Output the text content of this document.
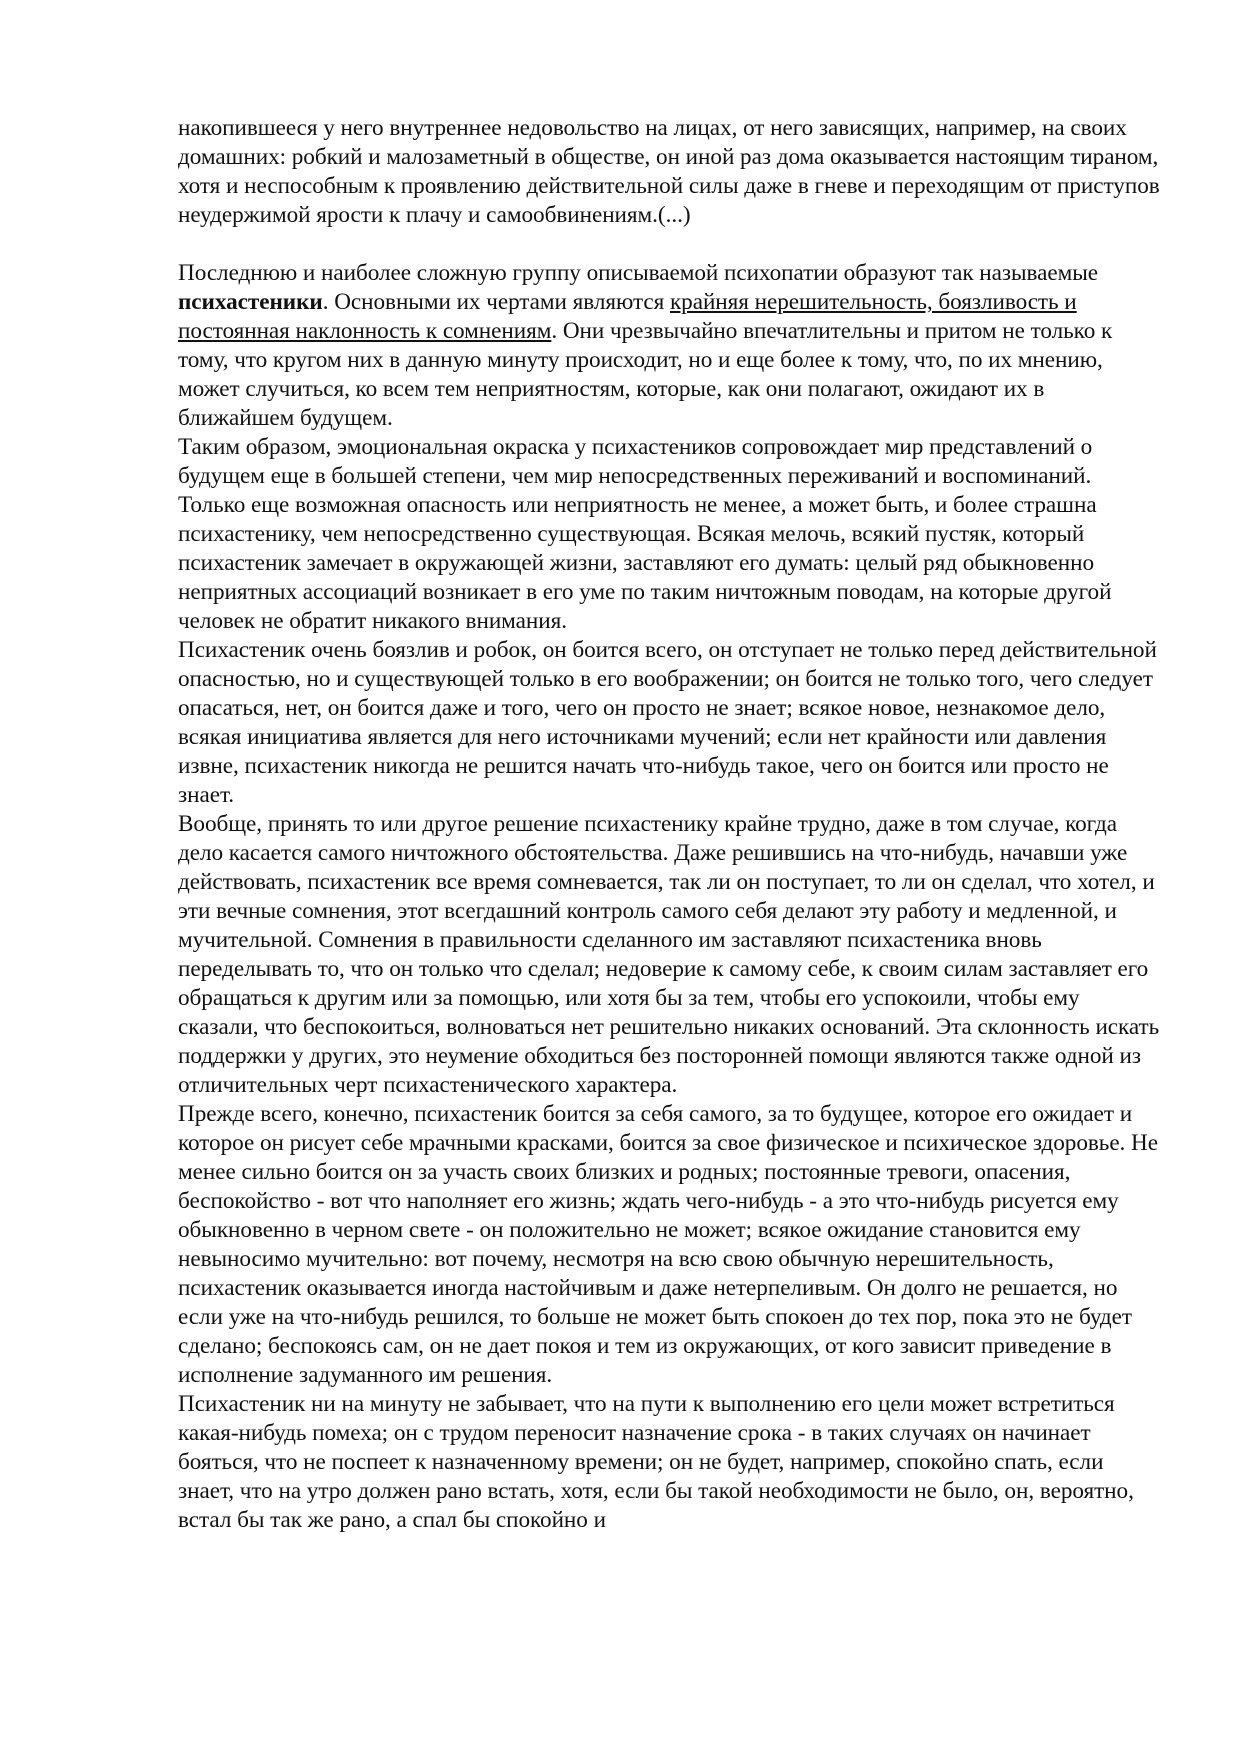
накопившееся у него внутреннее недовольство на лицах, от него зависящих, например, на своих домашних: робкий и малозаметный в обществе, он иной раз дома оказывается настоящим тираном, хотя и неспособным к проявлению действительной силы даже в гневе и переходящим от приступов неудержимой ярости к плачу и самообвинениям.(...)

Последнюю и наиболее сложную группу описываемой психопатии образуют так называемые психастеники. Основными их чертами являются крайняя нерешительность, боязливость и постоянная наклонность к сомнениям. Они чрезвычайно впечатлительны и притом не только к тому, что кругом них в данную минуту происходит, но и еще более к тому, что, по их мнению, может случиться, ко всем тем неприятностям, которые, как они полагают, ожидают их в ближайшем будущем.

Таким образом, эмоциональная окраска у психастеников сопровождает мир представлений о будущем еще в большей степени, чем мир непосредственных переживаний и воспоминаний. Только еще возможная опасность или неприятность не менее, а может быть, и более страшна психастенику, чем непосредственно существующая. Всякая мелочь, всякий пустяк, который психастеник замечает в окружающей жизни, заставляют его думать: целый ряд обыкновенно неприятных ассоциаций возникает в его уме по таким ничтожным поводам, на которые другой человек не обратит никакого внимания.

Психастеник очень боязлив и робок, он боится всего, он отступает не только перед действительной опасностью, но и существующей только в его воображении; он боится не только того, чего следует опасаться, нет, он боится даже и того, чего он просто не знает; всякое новое, незнакомое дело, всякая инициатива является для него источниками мучений; если нет крайности или давления извне, психастеник никогда не решится начать что-нибудь такое, чего он боится или просто не знает.

Вообще, принять то или другое решение психастенику крайне трудно, даже в том случае, когда дело касается самого ничтожного обстоятельства. Даже решившись на что-нибудь, начавши уже действовать, психастеник все время сомневается, так ли он поступает, то ли он сделал, что хотел, и эти вечные сомнения, этот всегдашний контроль самого себя делают эту работу и медленной, и мучительной. Сомнения в правильности сделанного им заставляют психастеника вновь переделывать то, что он только что сделал; недоверие к самому себе, к своим силам заставляет его обращаться к другим или за помощью, или хотя бы за тем, чтобы его успокоили, чтобы ему сказали, что беспокоиться, волноваться нет решительно никаких оснований. Эта склонность искать поддержки у других, это неумение обходиться без посторонней помощи являются также одной из отличительных черт психастенического характера.

Прежде всего, конечно, психастеник боится за себя самого, за то будущее, которое его ожидает и которое он рисует себе мрачными красками, боится за свое физическое и психическое здоровье. Не менее сильно боится он за участь своих близких и родных; постоянные тревоги, опасения, беспокойство - вот что наполняет его жизнь; ждать чего-нибудь - а это что-нибудь рисуется ему обыкновенно в черном свете - он положительно не может; всякое ожидание становится ему невыносимо мучительно: вот почему, несмотря на всю свою обычную нерешительность, психастеник оказывается иногда настойчивым и даже нетерпеливым. Он долго не решается, но если уже на что-нибудь решился, то больше не может быть спокоен до тех пор, пока это не будет сделано; беспокоясь сам, он не дает покоя и тем из окружающих, от кого зависит приведение в исполнение задуманного им решения.

Психастеник ни на минуту не забывает, что на пути к выполнению его цели может встретиться какая-нибудь помеха; он с трудом переносит назначение срока - в таких случаях он начинает бояться, что не поспеет к назначенному времени; он не будет, например, спокойно спать, если знает, что на утро должен рано встать, хотя, если бы такой необходимости не было, он, вероятно, встал бы так же рано, а спал бы спокойно и
